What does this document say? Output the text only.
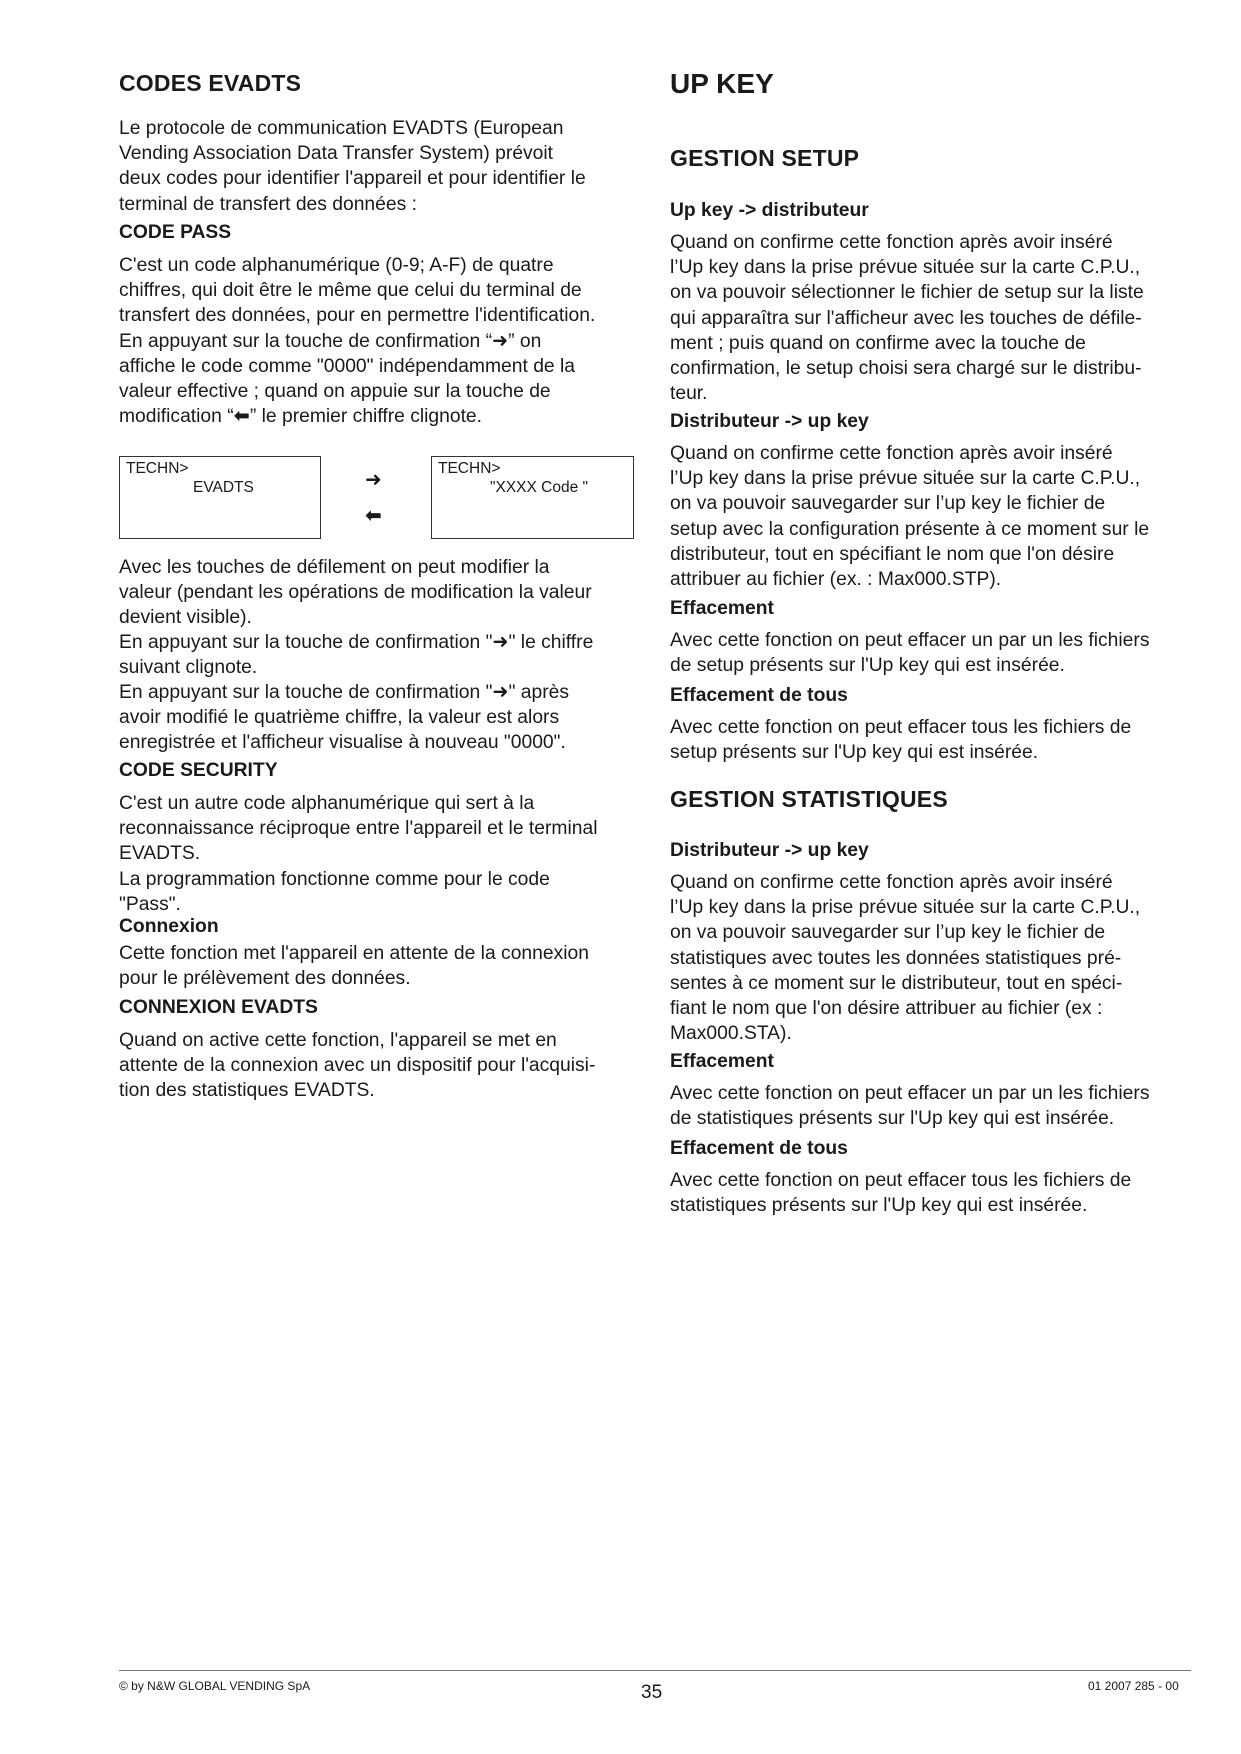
CODES EVADTS

Le protocole de communication EVADTS (European
Vending Association Data Transfer System) prévoit
deux codes pour identifier l'appareil et pour identifier le
terminal de transfert des données :

CODE PASS

C'est un code alphanumérique (0-9; A-F) de quatre
chiffres, qui doit être le même que celui du terminal de
transfert des données, pour en permettre l'identification.
En appuyant sur la touche de confirmation “➜” on
affiche le code comme "0000" indépendamment de la
valeur effective ; quand on appuie sur la touche de
modification “⬅” le premier chiffre clignote.

TECHN>
EVADTS	➜
⬅
TECHN>
"XXXX Code "

Avec les touches de défilement on peut modifier la
valeur (pendant les opérations de modification la valeur
devient visible).

En appuyant sur la touche de confirmation "➜" le chiffre
suivant clignote.

En appuyant sur la touche de confirmation "➜" après
avoir modifié le quatrième chiffre, la valeur est alors
enregistrée et l'afficheur visualise à nouveau "0000".

CODE SECURITY

C'est un autre code alphanumérique qui sert à la
reconnaissance réciproque entre l'appareil et le terminal
EVADTS.
La programmation fonctionne comme pour le code
"Pass".

Connexion

Cette fonction met l'appareil en attente de la connexion
pour le prélèvement des données.

CONNEXION EVADTS

Quand on active cette fonction, l'appareil se met en
attente de la connexion avec un dispositif pour l'acquisi-
tion des statistiques EVADTS.

UP KEY
GESTION SETUP
Up key -> distributeur

Quand on confirme cette fonction après avoir inséré
l’Up key dans la prise prévue située sur la carte C.P.U.,
on va pouvoir sélectionner le fichier de setup sur la liste
qui apparaîtra sur l'afficheur avec les touches de défile-
ment ; puis quand on confirme avec la touche de
confirmation, le setup choisi sera chargé sur le distribu-
teur.

Distributeur -> up key

Quand on confirme cette fonction après avoir inséré
l’Up key dans la prise prévue située sur la carte C.P.U.,
on va pouvoir sauvegarder sur l’up key le fichier de
setup avec la configuration présente à ce moment sur le
distributeur, tout en spécifiant le nom que l'on désire
attribuer au fichier (ex. : Max000.STP).

Effacement

Avec cette fonction on peut effacer un par un les fichiers
de setup présents sur l'Up key qui est insérée.

Effacement de tous

Avec cette fonction on peut effacer tous les fichiers de
setup présents sur l'Up key qui est insérée.

GESTION STATISTIQUES
Distributeur -> up key

Quand on confirme cette fonction après avoir inséré
l’Up key dans la prise prévue située sur la carte C.P.U.,
on va pouvoir sauvegarder sur l’up key le fichier de
statistiques avec toutes les données statistiques pré-
sentes à ce moment sur le distributeur, tout en spéci-
fiant le nom que l'on désire attribuer au fichier (ex :
Max000.STA).

Effacement

Avec cette fonction on peut effacer un par un les fichiers
de statistiques présents sur l'Up key qui est insérée.

Effacement de tous

Avec cette fonction on peut effacer tous les fichiers de
statistiques présents sur l'Up key qui est insérée.

© by N&W GLOBAL VENDING SpA	35	01 2007 285 - 00
